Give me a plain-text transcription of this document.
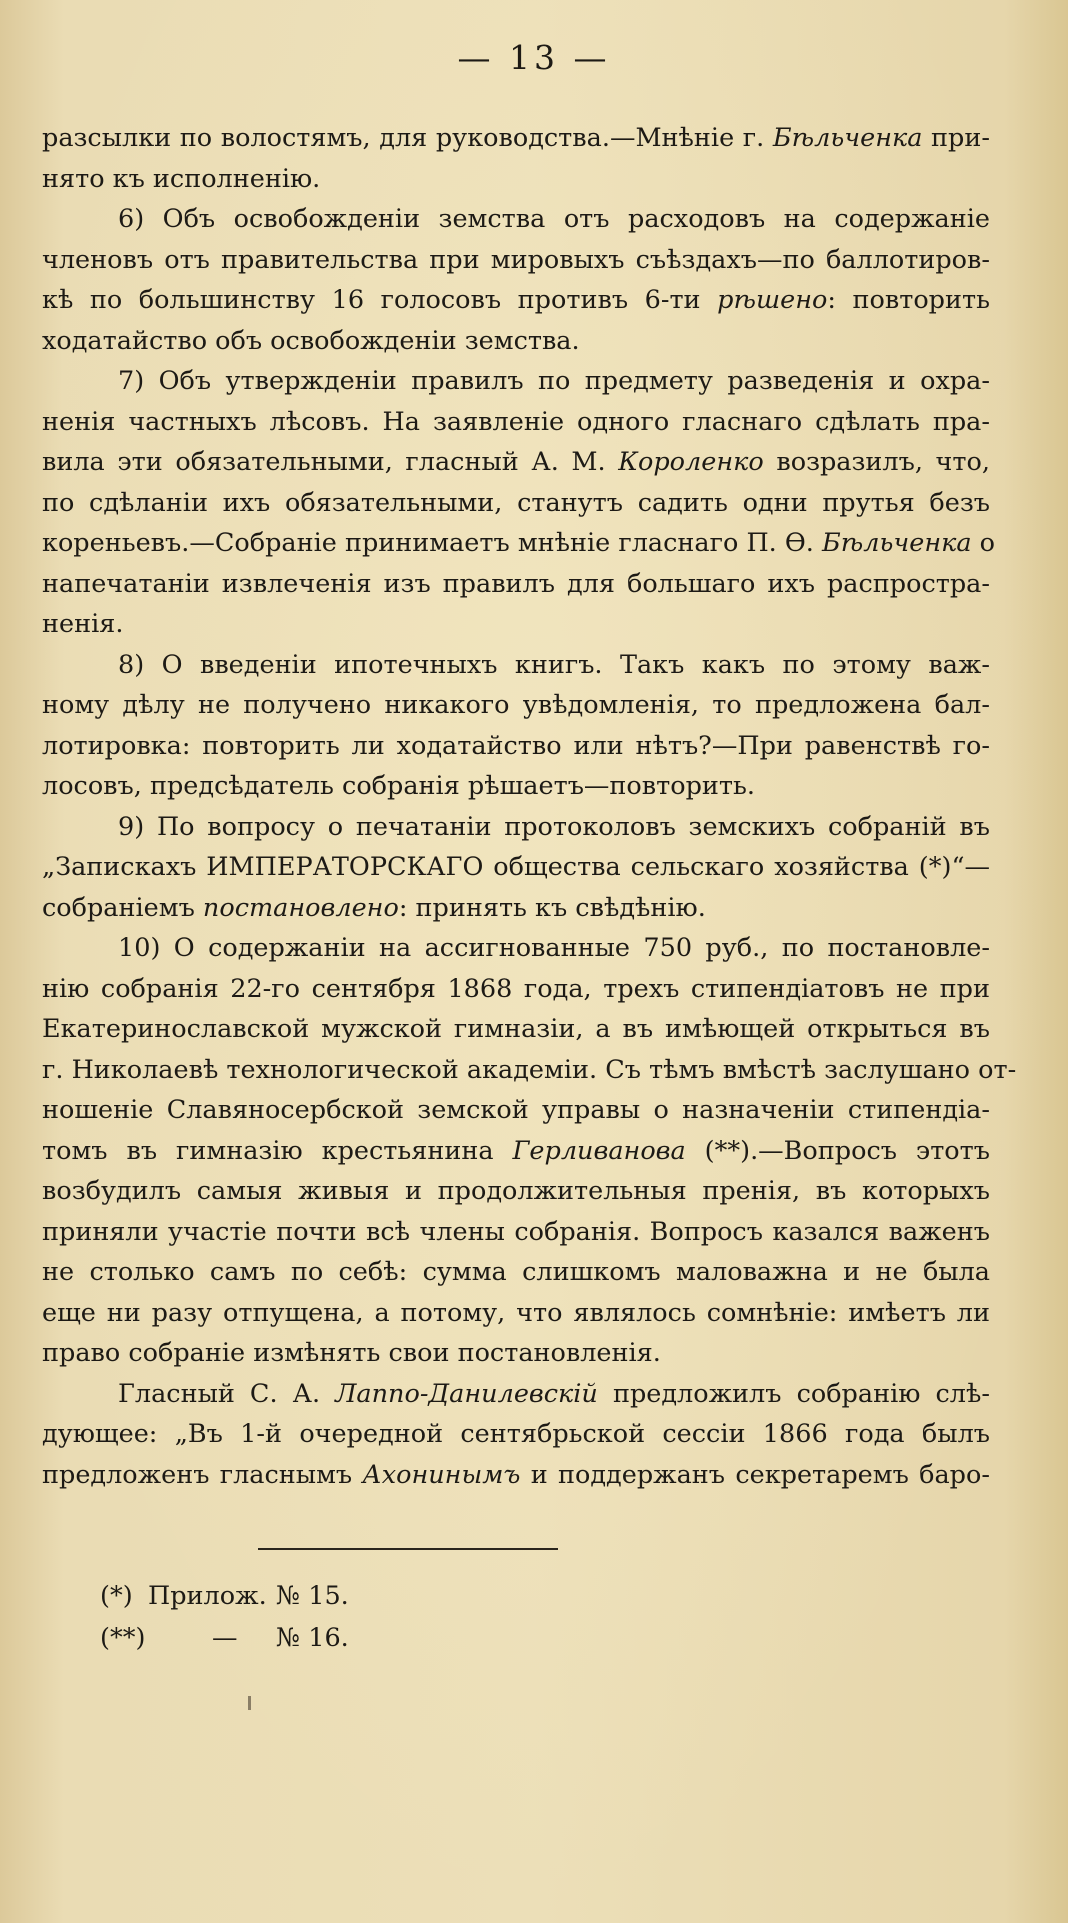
— 13 —
разсылки по волостямъ, для руководства.—Мнѣніе г. Бѣльченка при-
нято къ исполненію.
6) Объ освобожденіи земства отъ расходовъ на содержаніе
членовъ отъ правительства при мировыхъ съѣздахъ—по баллотиров-
кѣ по большинству 16 голосовъ противъ 6-ти рѣшено: повторить
ходатайство объ освобожденіи земства.
7) Объ утвержденіи правилъ по предмету разведенія и охра-
ненія частныхъ лѣсовъ. На заявленіе одного гласнаго сдѣлать пра-
вила эти обязательными, гласный А. М. Короленко возразилъ, что,
по сдѣланіи ихъ обязательными, станутъ садить одни прутья безъ
кореньевъ.—Собраніе принимаетъ мнѣніе гласнаго П. Ѳ. Бѣльченка о
напечатаніи извлеченія изъ правилъ для большаго ихъ распростра-
ненія.
8) О введеніи ипотечныхъ книгъ. Такъ какъ по этому важ-
ному дѣлу не получено никакого увѣдомленія, то предложена бал-
лотировка: повторить ли ходатайство или нѣтъ?—При равенствѣ го-
лосовъ, предсѣдатель собранія рѣшаетъ—повторить.
9) По вопросу о печатаніи протоколовъ земскихъ собраній въ
„Запискахъ ИМПЕРАТОРСКАГО общества сельскаго хозяйства (*)“—
собраніемъ постановлено: принять къ свѣдѣнію.
10) О содержаніи на ассигнованные 750 руб., по постановле-
нію собранія 22-го сентября 1868 года, трехъ стипендіатовъ не при
Екатеринославской мужской гимназіи, а въ имѣющей открыться въ
г. Николаевѣ технологической академіи. Съ тѣмъ вмѣстѣ заслушано от-
ношеніе Славяносербской земской управы о назначеніи стипендіа-
томъ въ гимназію крестьянина Герливанова (**).—Вопросъ этотъ
возбудилъ самыя живыя и продолжительныя пренія, въ которыхъ
приняли участіе почти всѣ члены собранія. Вопросъ казался важенъ
не столько самъ по себѣ: сумма слишкомъ маловажна и не была
еще ни разу отпущена, а потому, что являлось сомнѣніе: имѣетъ ли
право собраніе измѣнять свои постановленія.
Гласный С. А. Лаппо-Данилевскій предложилъ собранію слѣ-
дующее: „Въ 1-й очередной сентябрьской сессіи 1866 года былъ
предложенъ гласнымъ Ахонинымъ и поддержанъ секретаремъ баро-
(*) Прилож. № 15.
(**)	— № 16.
